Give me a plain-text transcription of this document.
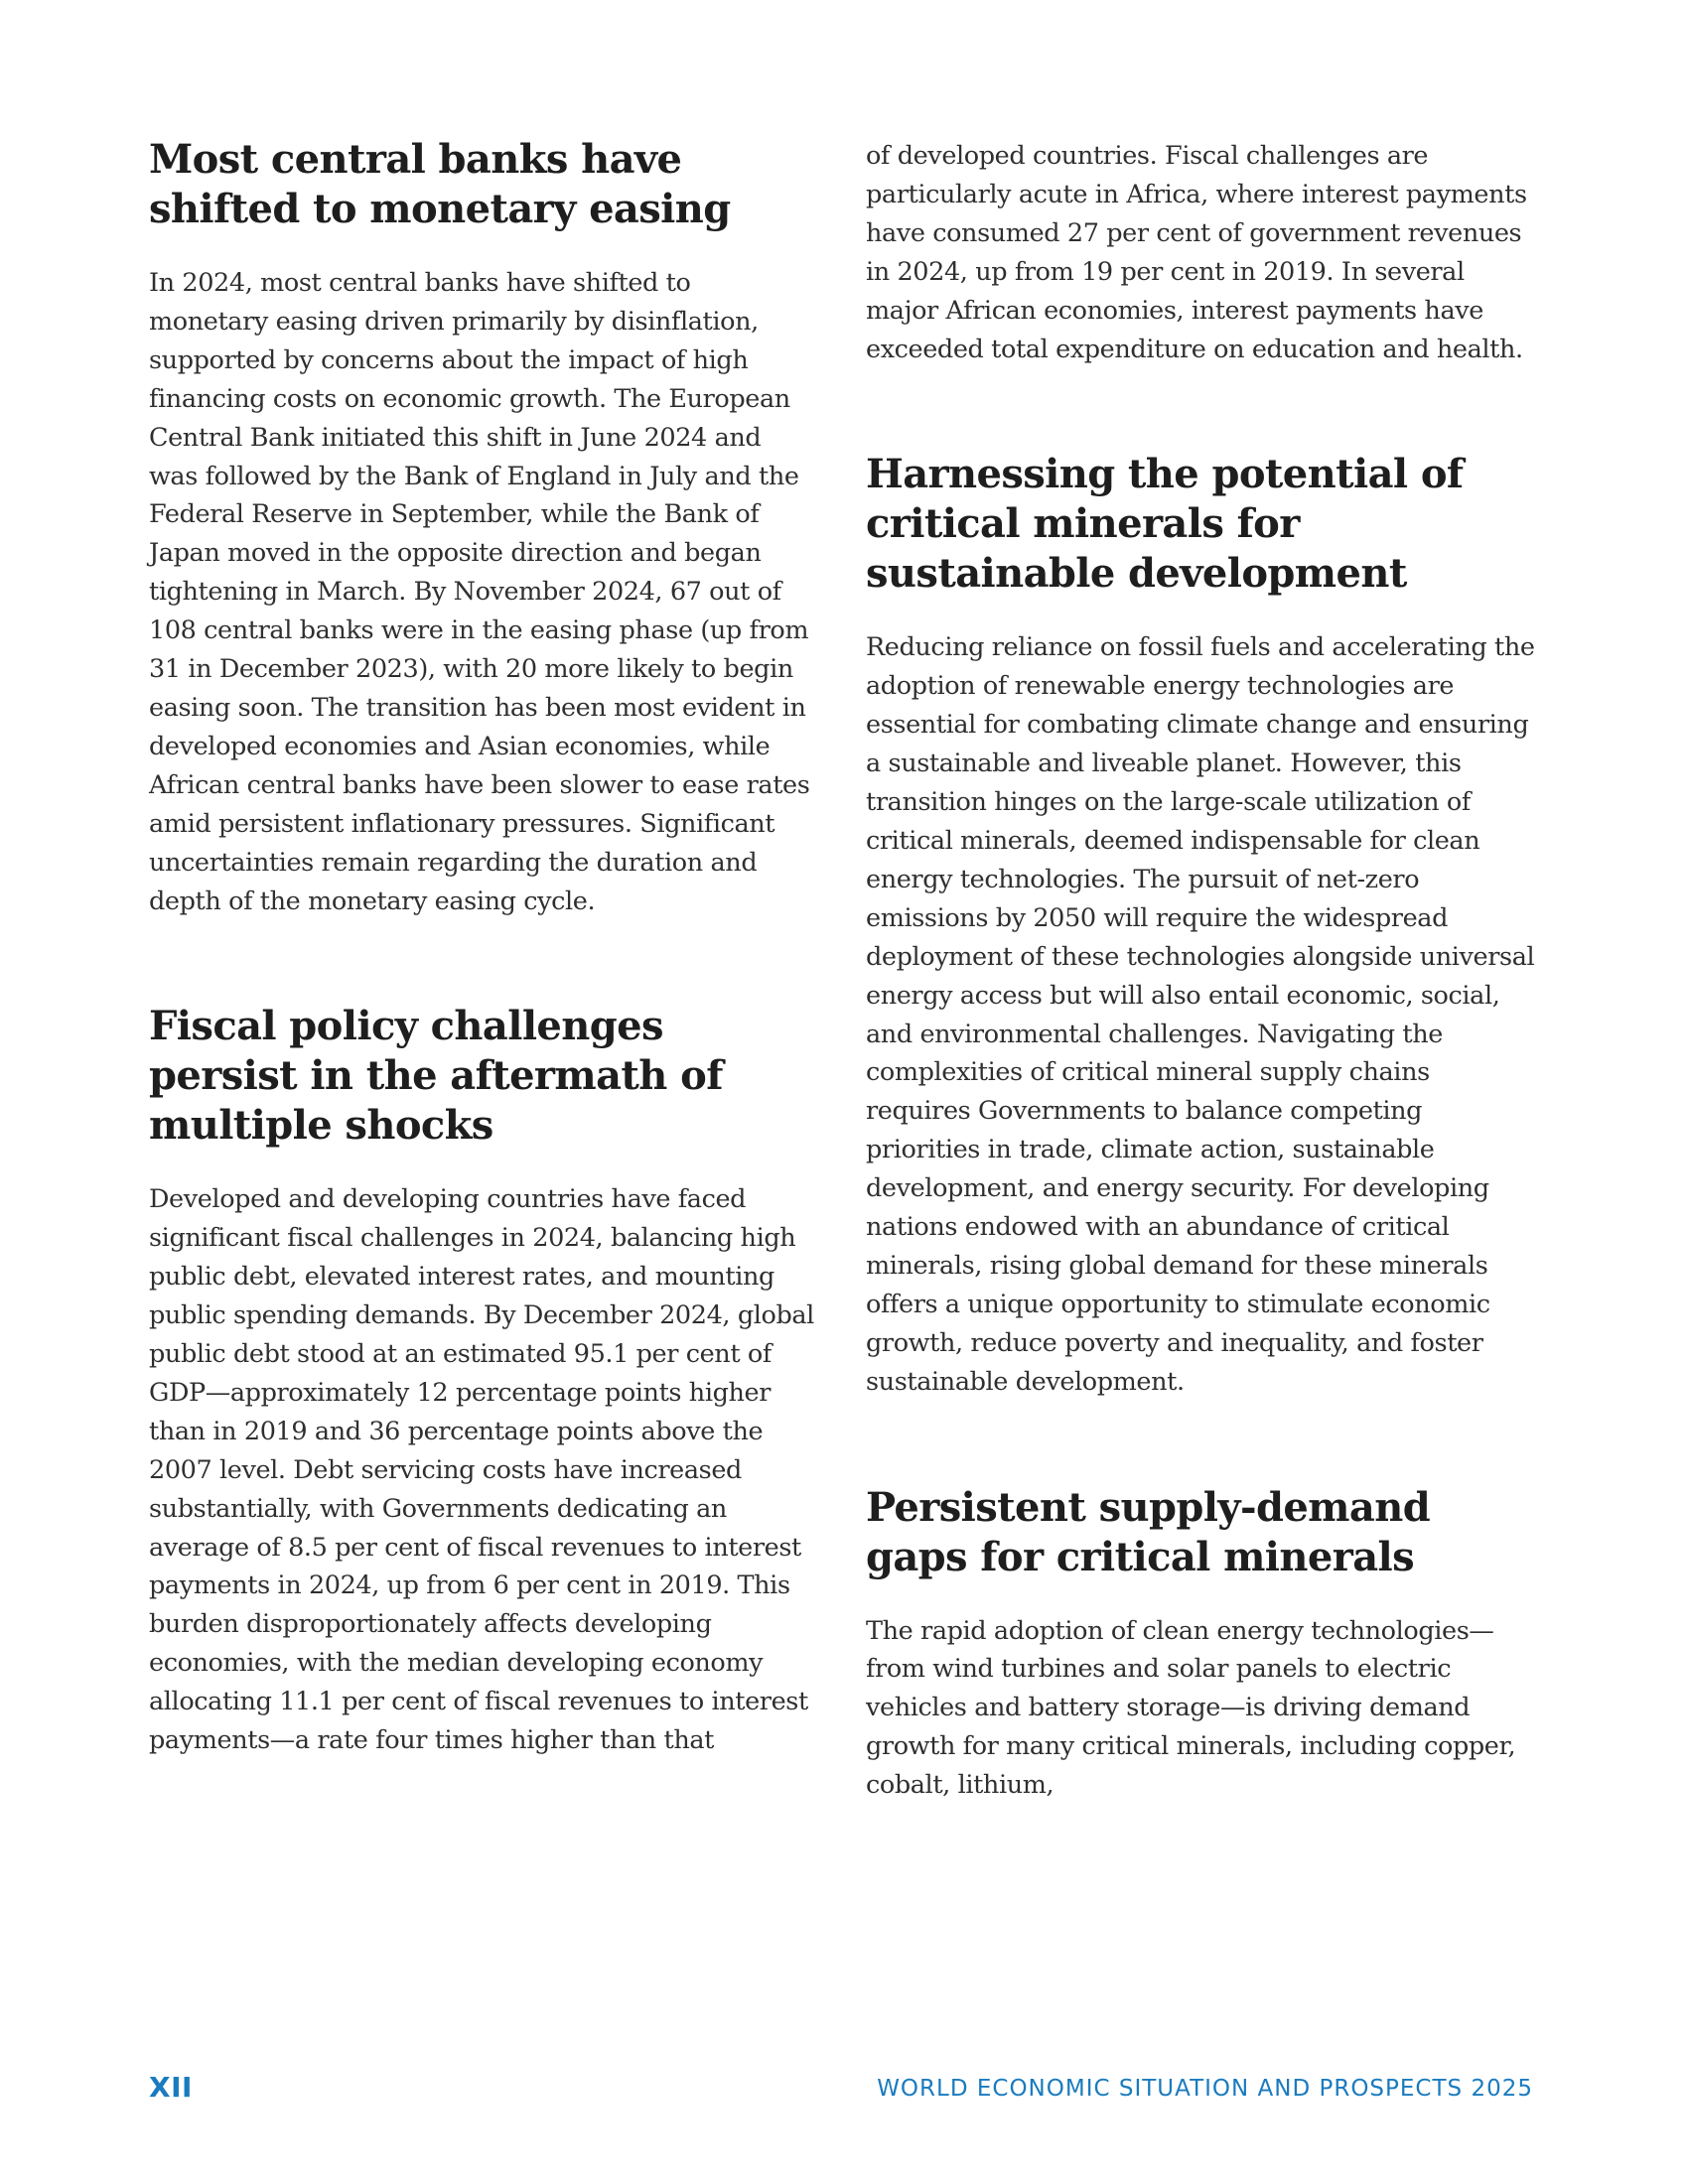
Most central banks have shifted to monetary easing

In 2024, most central banks have shifted to monetary easing driven primarily by disinflation, supported by concerns about the impact of high financing costs on economic growth. The European Central Bank initiated this shift in June 2024 and was followed by the Bank of England in July and the Federal Reserve in September, while the Bank of Japan moved in the opposite direction and began tightening in March. By November 2024, 67 out of 108 central banks were in the easing phase (up from 31 in December 2023), with 20 more likely to begin easing soon. The transition has been most evident in developed economies and Asian economies, while African central banks have been slower to ease rates amid persistent inflationary pressures. Significant uncertainties remain regarding the duration and depth of the monetary easing cycle.

Fiscal policy challenges persist in the aftermath of multiple shocks

Developed and developing countries have faced significant fiscal challenges in 2024, balancing high public debt, elevated interest rates, and mounting public spending demands. By December 2024, global public debt stood at an estimated 95.1 per cent of GDP—approximately 12 percentage points higher than in 2019 and 36 percentage points above the 2007 level. Debt servicing costs have increased substantially, with Governments dedicating an average of 8.5 per cent of fiscal revenues to interest payments in 2024, up from 6 per cent in 2019. This burden disproportionately affects developing economies, with the median developing economy allocating 11.1 per cent of fiscal revenues to interest payments—a rate four times higher than that

of developed countries. Fiscal challenges are particularly acute in Africa, where interest payments have consumed 27 per cent of government revenues in 2024, up from 19 per cent in 2019. In several major African economies, interest payments have exceeded total expenditure on education and health.

Harnessing the potential of critical minerals for sustainable development

Reducing reliance on fossil fuels and accelerating the adoption of renewable energy technologies are essential for combating climate change and ensuring a sustainable and liveable planet. However, this transition hinges on the large-scale utilization of critical minerals, deemed indispensable for clean energy technologies. The pursuit of net-zero emissions by 2050 will require the widespread deployment of these technologies alongside universal energy access but will also entail economic, social, and environmental challenges. Navigating the complexities of critical mineral supply chains requires Governments to balance competing priorities in trade, climate action, sustainable development, and energy security. For developing nations endowed with an abundance of critical minerals, rising global demand for these minerals offers a unique opportunity to stimulate economic growth, reduce poverty and inequality, and foster sustainable development.

Persistent supply-demand gaps for critical minerals

The rapid adoption of clean energy technologies—from wind turbines and solar panels to electric vehicles and battery storage—is driving demand growth for many critical minerals, including copper, cobalt, lithium,

XII	WORLD ECONOMIC SITUATION AND PROSPECTS 2025
